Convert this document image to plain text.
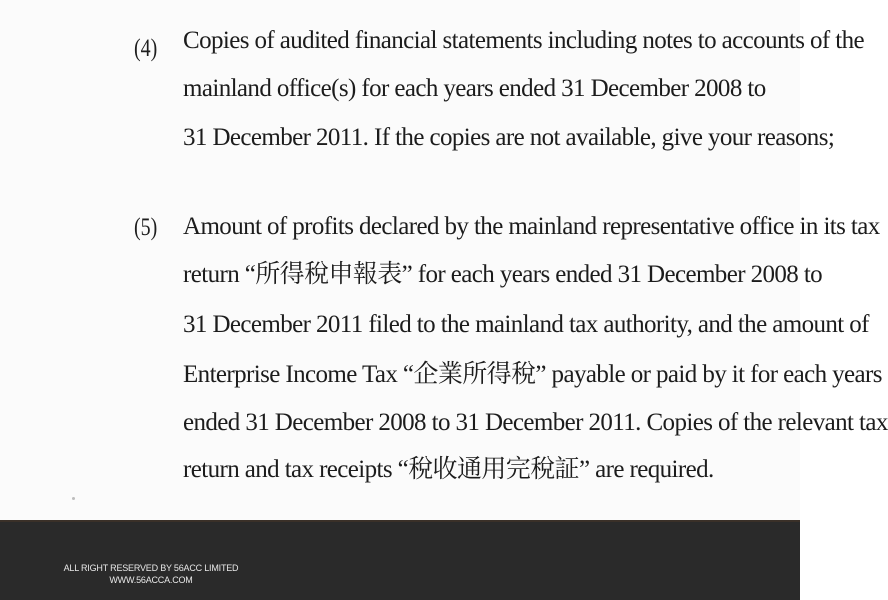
(4) Copies of audited financial statements including notes to accounts of the
mainland office(s) for each years ended 31 December 2008 to
31 December 2011. If the copies are not available, give your reasons;
(5) Amount of profits declared by the mainland representative office in its tax
return “所得稅申報表” for each years ended 31 December 2008 to
31 December 2011 filed to the mainland tax authority, and the amount of
Enterprise Income Tax “企業所得稅” payable or paid by it for each years
ended 31 December 2008 to 31 December 2011. Copies of the relevant tax
return and tax receipts “稅收通用完稅証” are required.
ALL RIGHT RESERVED BY 56ACC LIMITED
WWW.56ACCA.COM
